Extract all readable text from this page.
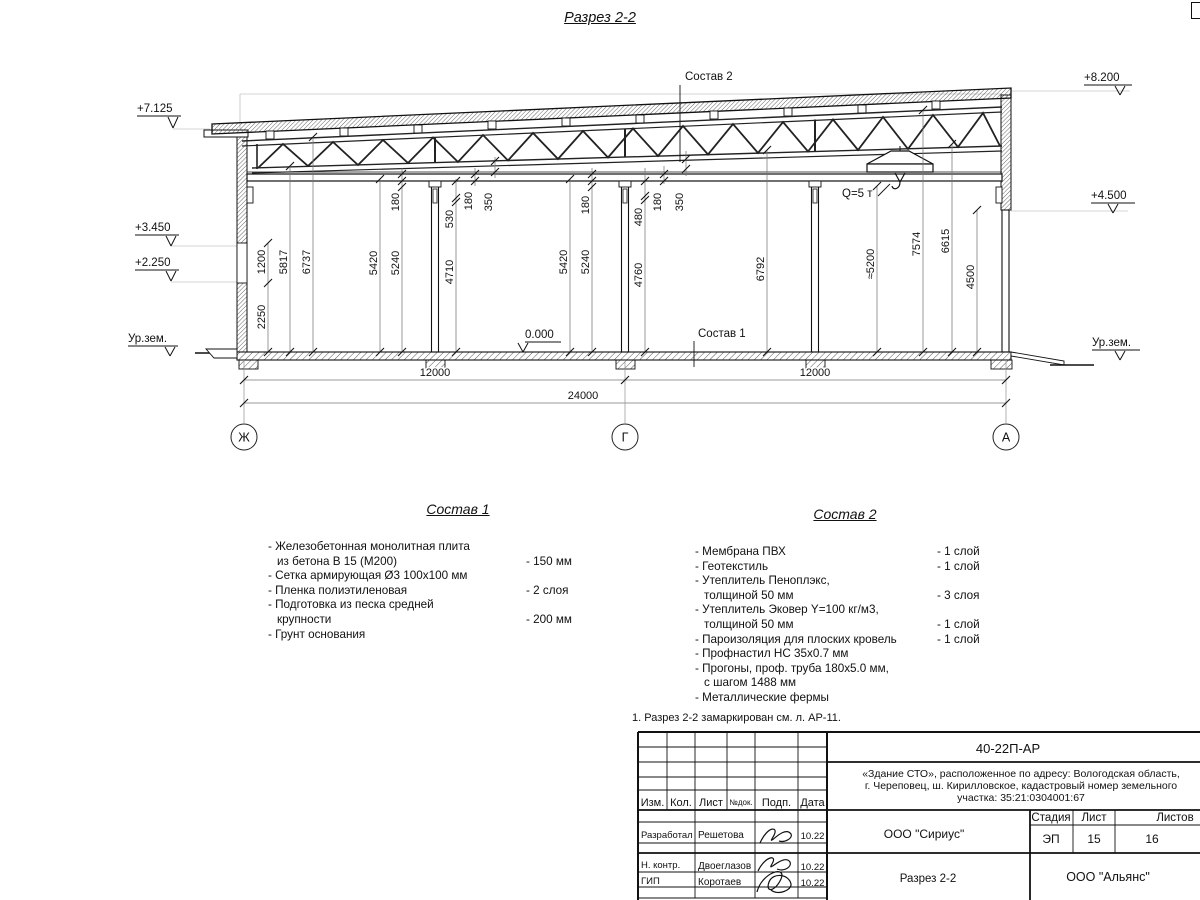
Разрез 2-2
Q=5 т
Состав 2
Состав 1
1200
2250
5817 6737	5420 5240	4710
180
530
180 350
5420 5240
4760	6792
180
480
180 350
≈5200
7574 6615
4500
12000	12000
24000
+7.125
+3.450
+2.250
Ур.зем.	0.000
+8.200
+4.500
Ур.зем.
Ж	Г	А
Состав 1
- Железобетонная монолитная плита
из бетона В 15 (М200)	- 150 мм
- Сетка армирующая Ø3 100х100 мм
- Пленка полиэтиленовая	- 2 слоя
- Подготовка из песка средней
крупности	- 200 мм
- Грунт основания
Состав 2
- Мембрана ПВХ	- 1 слой
- Геотекстиль	- 1 слой
- Утеплитель Пеноплэкс,
толщиной 50 мм	- 3 слоя
- Утеплитель Эковер Y=100 кг/м3,
толщиной 50 мм	- 1 слой
- Пароизоляция для плоских кровель	- 1 слой
- Профнастил НС 35х0.7 мм
- Прогоны, проф. труба 180х5.0 мм,
с шагом 1488 мм
- Металлические фермы
1. Разрез 2-2 замаркирован см. л. АР-11.
Изм. Кол. Лист №док. Подп. Дата
Разработал Решетова	10.22
Н. контр. Двоеглазов	10.22
ГИП	Коротаев	10.22
40-22П-АР
«Здание СТО», расположенное по адресу: Вологодская область,
г. Череповец, ш. Кирилловское, кадастровый номер земельного
участка: 35:21:0304001:67
ООО "Сириус"
Стадия Лист	Листов
ЭП 15	16
Разрез 2-2	ООО "Альянс"
